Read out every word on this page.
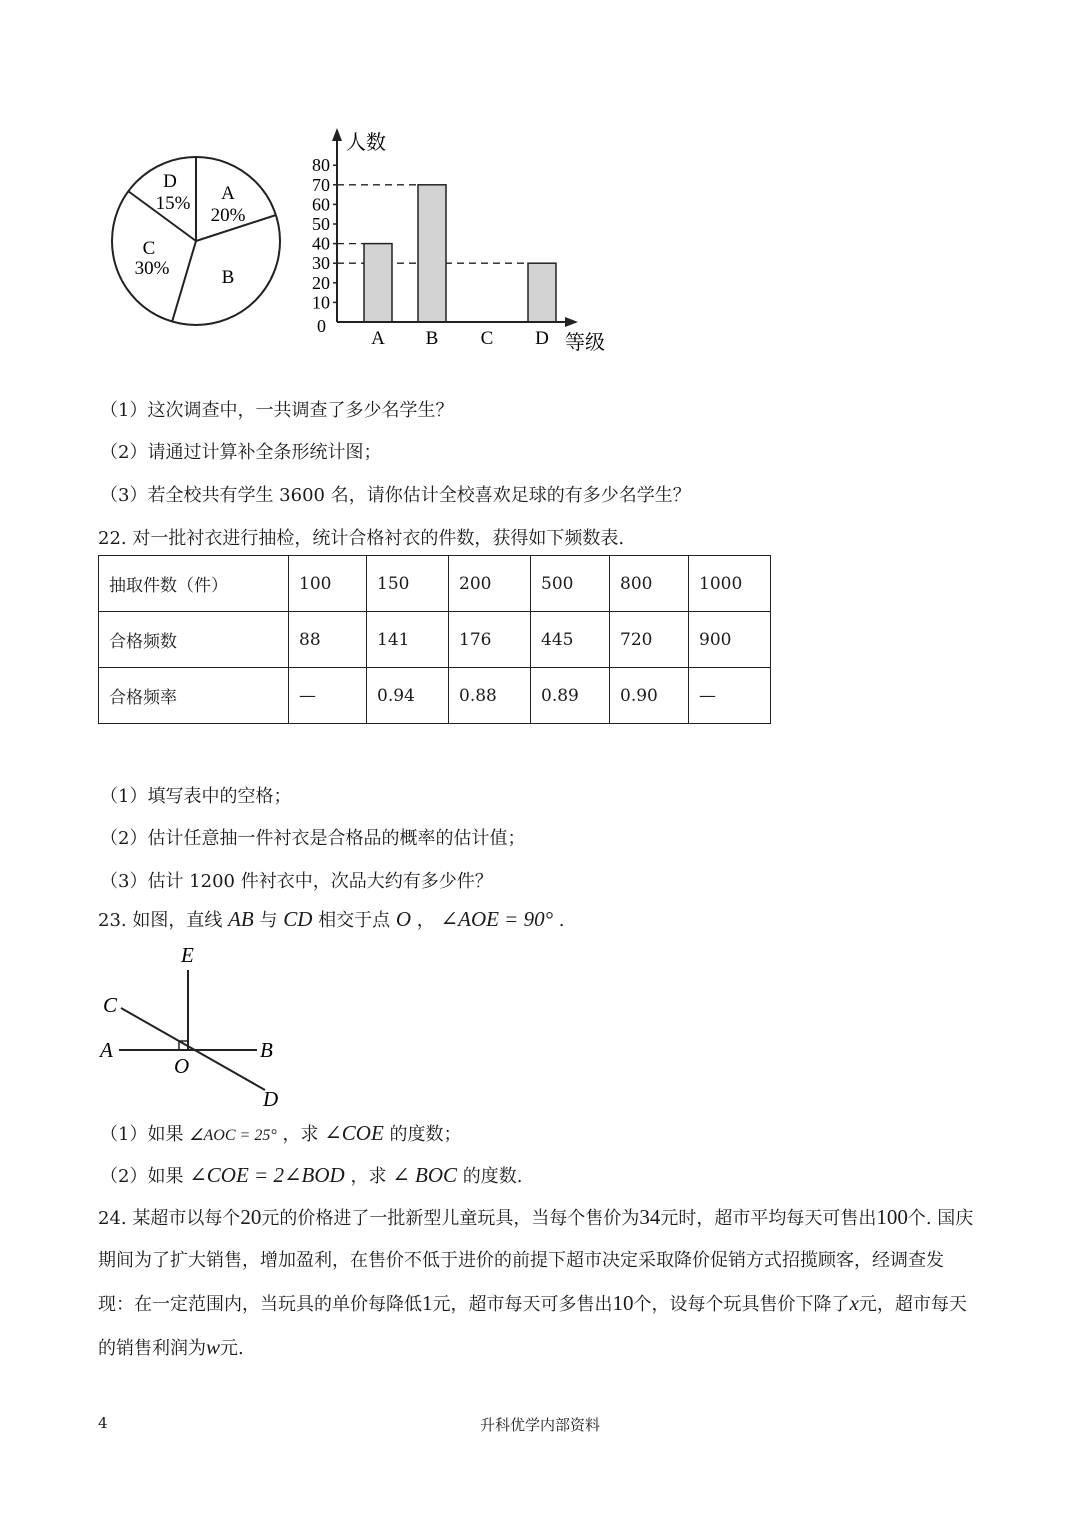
D
15% A
20%
C
30%	B
人数
等级
0
10
20
30
40
50
60
70
80
A B C D
（1）这次调查中，一共调查了多少名学生？
（2）请通过计算补全条形统计图；
（3）若全校共有学生 3600 名，请你估计全校喜欢足球的有多少名学生？
22. 对一批衬衣进行抽检，统计合格衬衣的件数，获得如下频数表.
抽取件数（件）	100	150	200	500	800	1000
合格频数	88	141	176	445	720	900
合格频率	—	0.94	0.88	0.89	0.90	—
（1）填写表中的空格；
（2）估计任意抽一件衬衣是合格品的概率的估计值；
（3）估计 1200 件衬衣中，次品大约有多少件？
23. 如图，直线 AB 与 CD 相交于点 O ， ∠AOE = 90° .
E
C
A	B
O
D
（1）如果 ∠AOC = 25° ，求 ∠COE 的度数；
（2）如果 ∠COE = 2∠BOD ，求 ∠ BOC 的度数.
24. 某超市以每个20元的价格进了一批新型儿童玩具，当每个售价为34元时，超市平均每天可售出100个. 国庆期间为了扩大销售，增加盈利，在售价不低于进价的前提下超市决定采取降价促销方式招揽顾客，经调查发现：在一定范围内，当玩具的单价每降低1元，超市每天可多售出10个，设每个玩具售价下降了x元，超市每天的销售利润为w元.
4	升科优学内部资料
